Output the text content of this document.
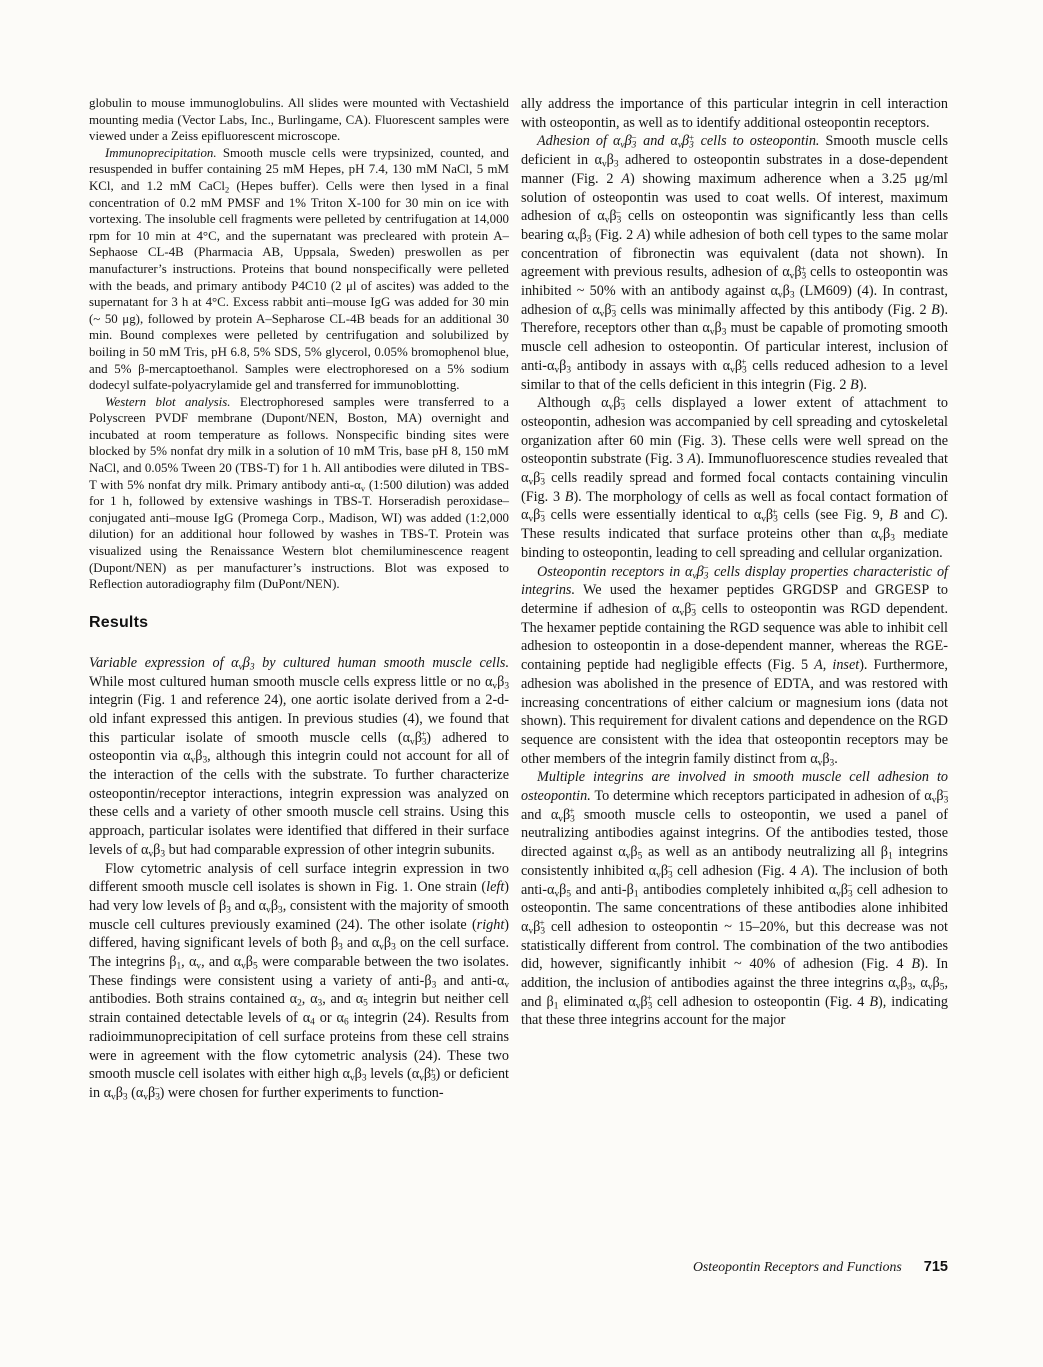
globulin to mouse immunoglobulins. All slides were mounted with Vectashield mounting media (Vector Labs, Inc., Burlingame, CA). Fluorescent samples were viewed under a Zeiss epifluorescent microscope.

Immunoprecipitation. Smooth muscle cells were trypsinized, counted, and resuspended in buffer containing 25 mM Hepes, pH 7.4, 130 mM NaCl, 5 mM KCl, and 1.2 mM CaCl$_2$ (Hepes buffer). Cells were then lysed in a final concentration of 0.2 mM PMSF and 1% Triton X-100 for 30 min on ice with vortexing. The insoluble cell fragments were pelleted by centrifugation at 14,000 rpm for 10 min at 4°C, and the supernatant was precleared with protein A–Sephaose CL-4B (Pharmacia AB, Uppsala, Sweden) preswollen as per manufacturer’s instructions. Proteins that bound nonspecifically were pelleted with the beads, and primary antibody P4C10 (2 μl of ascites) was added to the supernatant for 3 h at 4°C. Excess rabbit anti–mouse IgG was added for 30 min (~ 50 μg), followed by protein A–Sepharose CL-4B beads for an additional 30 min. Bound complexes were pelleted by centrifugation and solubilized by boiling in 50 mM Tris, pH 6.8, 5% SDS, 5% glycerol, 0.05% bromophenol blue, and 5% β-mercaptoethanol. Samples were electrophoresed on a 5% sodium dodecyl sulfate-polyacrylamide gel and transferred for immunoblotting.

Western blot analysis. Electrophoresed samples were transferred to a Polyscreen PVDF membrane (Dupont/NEN, Boston, MA) overnight and incubated at room temperature as follows. Nonspecific binding sites were blocked by 5% nonfat dry milk in a solution of 10 mM Tris, base pH 8, 150 mM NaCl, and 0.05% Tween 20 (TBS-T) for 1 h. All antibodies were diluted in TBS-T with 5% nonfat dry milk. Primary antibody anti-$\alpha_v$ (1:500 dilution) was added for 1 h, followed by extensive washings in TBS-T. Horseradish peroxidase–conjugated anti–mouse IgG (Promega Corp., Madison, WI) was added (1:2,000 dilution) for an additional hour followed by washes in TBS-T. Protein was visualized using the Renaissance Western blot chemiluminescence reagent (Dupont/NEN) as per manufacturer’s instructions. Blot was exposed to Reflection autoradiography film (DuPont/NEN).

Results

Variable expression of $\alpha_v\beta_3$ by cultured human smooth muscle cells. While most cultured human smooth muscle cells express little or no $\alpha_v\beta_3$ integrin (Fig. 1 and reference 24), one aortic isolate derived from a 2-d-old infant expressed this antigen. In previous studies (4), we found that this particular isolate of smooth muscle cells $(\alpha_v\beta_3^+)$ adhered to osteopontin via $\alpha_v\beta_3$, although this integrin could not account for all of the interaction of the cells with the substrate. To further characterize osteopontin/receptor interactions, integrin expression was analyzed on these cells and a variety of other smooth muscle cell strains. Using this approach, particular isolates were identified that differed in their surface levels of $\alpha_v\beta_3$ but had comparable expression of other integrin subunits.

Flow cytometric analysis of cell surface integrin expression in two different smooth muscle cell isolates is shown in Fig. 1. One strain (left) had very low levels of $\beta_3$ and $\alpha_v\beta_3$, consistent with the majority of smooth muscle cell cultures previously examined (24). The other isolate (right) differed, having significant levels of both $\beta_3$ and $\alpha_v\beta_3$ on the cell surface. The integrins $\beta_1$, $\alpha_v$, and $\alpha_v\beta_5$ were comparable between the two isolates. These findings were consistent using a variety of anti-$\beta_3$ and anti-$\alpha_v$ antibodies. Both strains contained $\alpha_2$, $\alpha_3$, and $\alpha_5$ integrin but neither cell strain contained detectable levels of $\alpha_4$ or $\alpha_6$ integrin (24). Results from radioimmunoprecipitation of cell surface proteins from these cell strains were in agreement with the flow cytometric analysis (24). These two smooth muscle cell isolates with either high $\alpha_v\beta_3$ levels $(\alpha_v\beta_3^+)$ or deficient in $\alpha_v\beta_3$ $(\alpha_v\beta_3^-)$ were chosen for further experiments to function-

ally address the importance of this particular integrin in cell interaction with osteopontin, as well as to identify additional osteopontin receptors.

Adhesion of $\alpha_v\beta_3^-$ and $\alpha_v\beta_3^+$ cells to osteopontin. Smooth muscle cells deficient in $\alpha_v\beta_3$ adhered to osteopontin substrates in a dose-dependent manner (Fig. 2 A) showing maximum adherence when a 3.25 μg/ml solution of osteopontin was used to coat wells. Of interest, maximum adhesion of $\alpha_v\beta_3^-$ cells on osteopontin was significantly less than cells bearing $\alpha_v\beta_3$ (Fig. 2 A) while adhesion of both cell types to the same molar concentration of fibronectin was equivalent (data not shown). In agreement with previous results, adhesion of $\alpha_v\beta_3^+$ cells to osteopontin was inhibited ~ 50% with an antibody against $\alpha_v\beta_3$ (LM609) (4). In contrast, adhesion of $\alpha_v\beta_3^-$ cells was minimally affected by this antibody (Fig. 2 B). Therefore, receptors other than $\alpha_v\beta_3$ must be capable of promoting smooth muscle cell adhesion to osteopontin. Of particular interest, inclusion of anti-$\alpha_v\beta_3$ antibody in assays with $\alpha_v\beta_3^+$ cells reduced adhesion to a level similar to that of the cells deficient in this integrin (Fig. 2 B).

Although $\alpha_v\beta_3^-$ cells displayed a lower extent of attachment to osteopontin, adhesion was accompanied by cell spreading and cytoskeletal organization after 60 min (Fig. 3). These cells were well spread on the osteopontin substrate (Fig. 3 A). Immunofluorescence studies revealed that $\alpha_v\beta_3^-$ cells readily spread and formed focal contacts containing vinculin (Fig. 3 B). The morphology of cells as well as focal contact formation of $\alpha_v\beta_3^-$ cells were essentially identical to $\alpha_v\beta_3^+$ cells (see Fig. 9, B and C). These results indicated that surface proteins other than $\alpha_v\beta_3$ mediate binding to osteopontin, leading to cell spreading and cellular organization.

Osteopontin receptors in $\alpha_v\beta_3^-$ cells display properties characteristic of integrins. We used the hexamer peptides GRGDSP and GRGESP to determine if adhesion of $\alpha_v\beta_3^-$ cells to osteopontin was RGD dependent. The hexamer peptide containing the RGD sequence was able to inhibit cell adhesion to osteopontin in a dose-dependent manner, whereas the RGE-containing peptide had negligible effects (Fig. 5 A, inset). Furthermore, adhesion was abolished in the presence of EDTA, and was restored with increasing concentrations of either calcium or magnesium ions (data not shown). This requirement for divalent cations and dependence on the RGD sequence are consistent with the idea that osteopontin receptors may be other members of the integrin family distinct from $\alpha_v\beta_3$.

Multiple integrins are involved in smooth muscle cell adhesion to osteopontin. To determine which receptors participated in adhesion of $\alpha_v\beta_3^-$ and $\alpha_v\beta_3^+$ smooth muscle cells to osteopontin, we used a panel of neutralizing antibodies against integrins. Of the antibodies tested, those directed against $\alpha_v\beta_5$ as well as an antibody neutralizing all $\beta_1$ integrins consistently inhibited $\alpha_v\beta_3^-$ cell adhesion (Fig. 4 A). The inclusion of both anti-$\alpha_v\beta_5$ and anti-$\beta_1$ antibodies completely inhibited $\alpha_v\beta_3^-$ cell adhesion to osteopontin. The same concentrations of these antibodies alone inhibited $\alpha_v\beta_3^+$ cell adhesion to osteopontin ~ 15–20%, but this decrease was not statistically different from control. The combination of the two antibodies did, however, significantly inhibit ~ 40% of adhesion (Fig. 4 B). In addition, the inclusion of antibodies against the three integrins $\alpha_v\beta_3$, $\alpha_v\beta_5$, and $\beta_1$ eliminated $\alpha_v\beta_3^+$ cell adhesion to osteopontin (Fig. 4 B), indicating that these three integrins account for the major

Osteopontin Receptors and Functions 715
